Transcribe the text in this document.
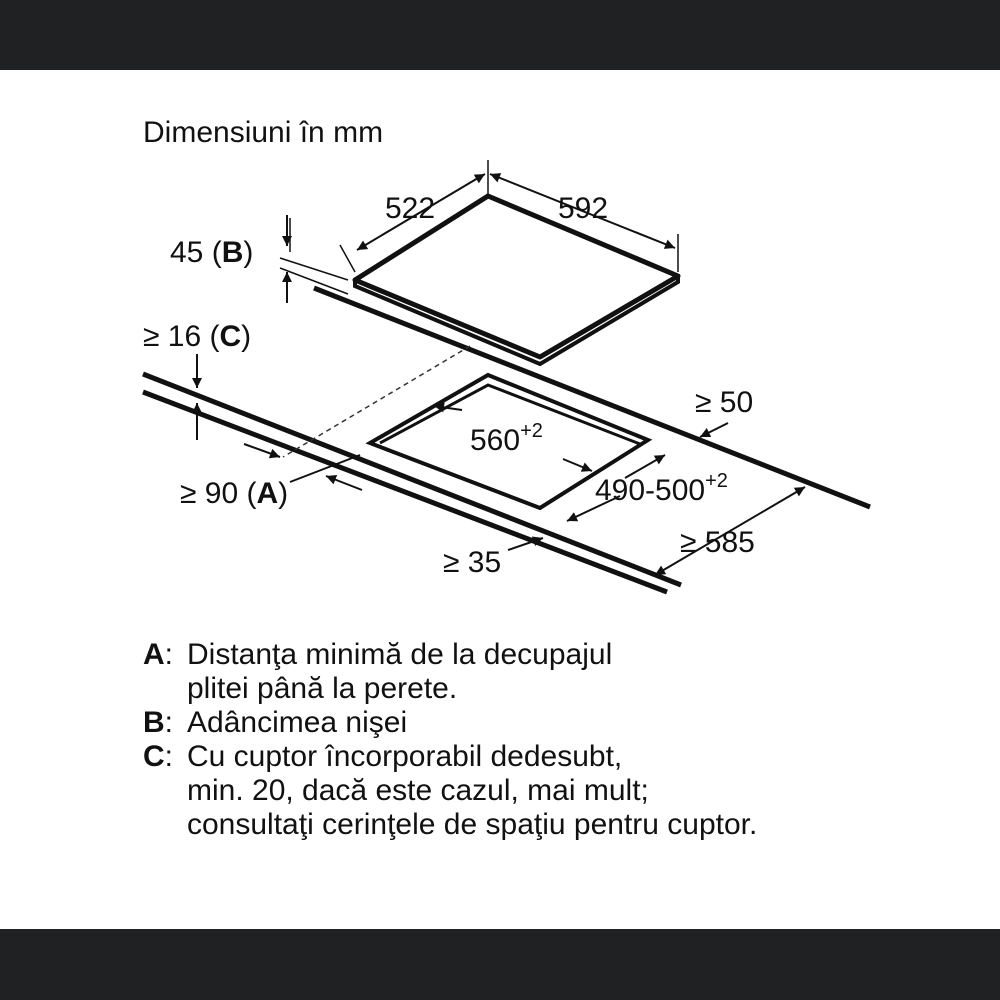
Dimensiuni în mm
522	592
45 (B)
≥ 16 (C)
≥ 50
$560^{+2}$
$490-500^{+2}$
≥ 90 (A)
≥ 585
≥ 35
A: Distanţa minimă de la decupajul
plitei până la perete.
B: Adâncimea nişei
C: Cu cuptor încorporabil dedesubt,
min. 20, dacă este cazul, mai mult;
consultaţi cerinţele de spaţiu pentru cuptor.
